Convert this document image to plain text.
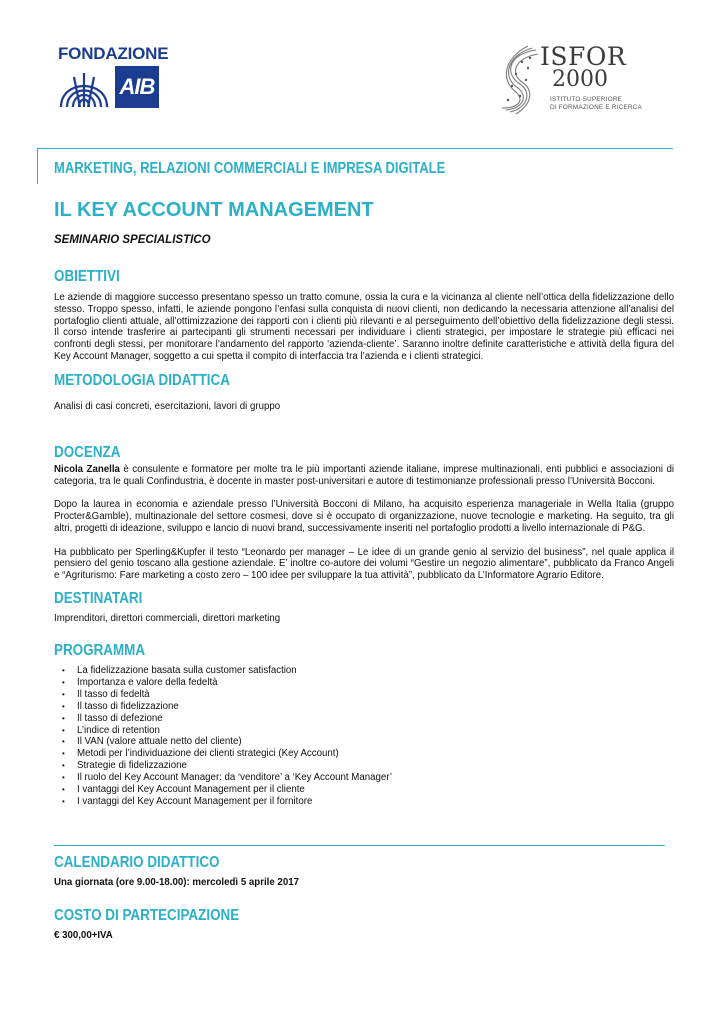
FONDAZIONE
AIB
ISFOR
2000
ISTITUTO SUPERIORE
DI FORMAZIONE E RICERCA
MARKETING, RELAZIONI COMMERCIALI E IMPRESA DIGITALE
IL KEY ACCOUNT MANAGEMENT
SEMINARIO SPECIALISTICO
OBIETTIVI
Le aziende di maggiore successo presentano spesso un tratto comune, ossia la cura e la vicinanza al cliente nell’ottica della fidelizzazione dello
stesso. Troppo spesso, infatti, le aziende pongono l’enfasi sulla conquista di nuovi clienti, non dedicando la necessaria attenzione all’analisi del
portafoglio clienti attuale, all’ottimizzazione dei rapporti con i clienti più rilevanti e al perseguimento dell’obiettivo della fidelizzazione degli stessi.
Il corso intende trasferire ai partecipanti gli strumenti necessari per individuare i clienti strategici, per impostare le strategie più efficaci nei
confronti degli stessi, per monitorare l’andamento del rapporto ‘azienda-cliente’. Saranno inoltre definite caratteristiche e attività della figura del
Key Account Manager, soggetto a cui spetta il compito di interfaccia tra l’azienda e i clienti strategici.
METODOLOGIA DIDATTICA
Analisi di casi concreti, esercitazioni, lavori di gruppo
DOCENZA
Nicola Zanella è consulente e formatore per molte tra le più importanti aziende italiane, imprese multinazionali, enti pubblici e associazioni di
categoria, tra le quali Confindustria, è docente in master post-universitari e autore di testimonianze professionali presso l’Università Bocconi.
Dopo la laurea in economia e aziendale presso l’Università Bocconi di Milano, ha acquisito esperienza manageriale in Wella Italia (gruppo
Procter&Gamble), multinazionale del settore cosmesi, dove si è occupato di organizzazione, nuove tecnologie e marketing. Ha seguito, tra gli
altri, progetti di ideazione, sviluppo e lancio di nuovi brand, successivamente inseriti nel portafoglio prodotti a livello internazionale di P&G.
Ha pubblicato per Sperling&Kupfer il testo “Leonardo per manager – Le idee di un grande genio al servizio del business”, nel quale applica il
pensiero del genio toscano alla gestione aziendale. E’ inoltre co-autore dei volumi “Gestire un negozio alimentare”, pubblicato da Franco Angeli
e “Agriturismo: Fare marketing a costo zero – 100 idee per sviluppare la tua attività”, pubblicato da L’Informatore Agrario Editore.
DESTINATARI
Imprenditori, direttori commerciali, direttori marketing
PROGRAMMA
• La fidelizzazione basata sulla customer satisfaction
• Importanza e valore della fedeltà
• Il tasso di fedeltà
• Il tasso di fidelizzazione
• Il tasso di defezione
• L’indice di retention
• Il VAN (valore attuale netto del cliente)
• Metodi per l’individuazione dei clienti strategici (Key Account)
• Strategie di fidelizzazione
• Il ruolo del Key Account Manager: da ‘venditore’ a ‘Key Account Manager’
• I vantaggi del Key Account Management per il cliente
• I vantaggi del Key Account Management per il fornitore
CALENDARIO DIDATTICO
Una giornata (ore 9.00-18.00): mercoledì 5 aprile 2017
COSTO DI PARTECIPAZIONE
€ 300,00+IVA
